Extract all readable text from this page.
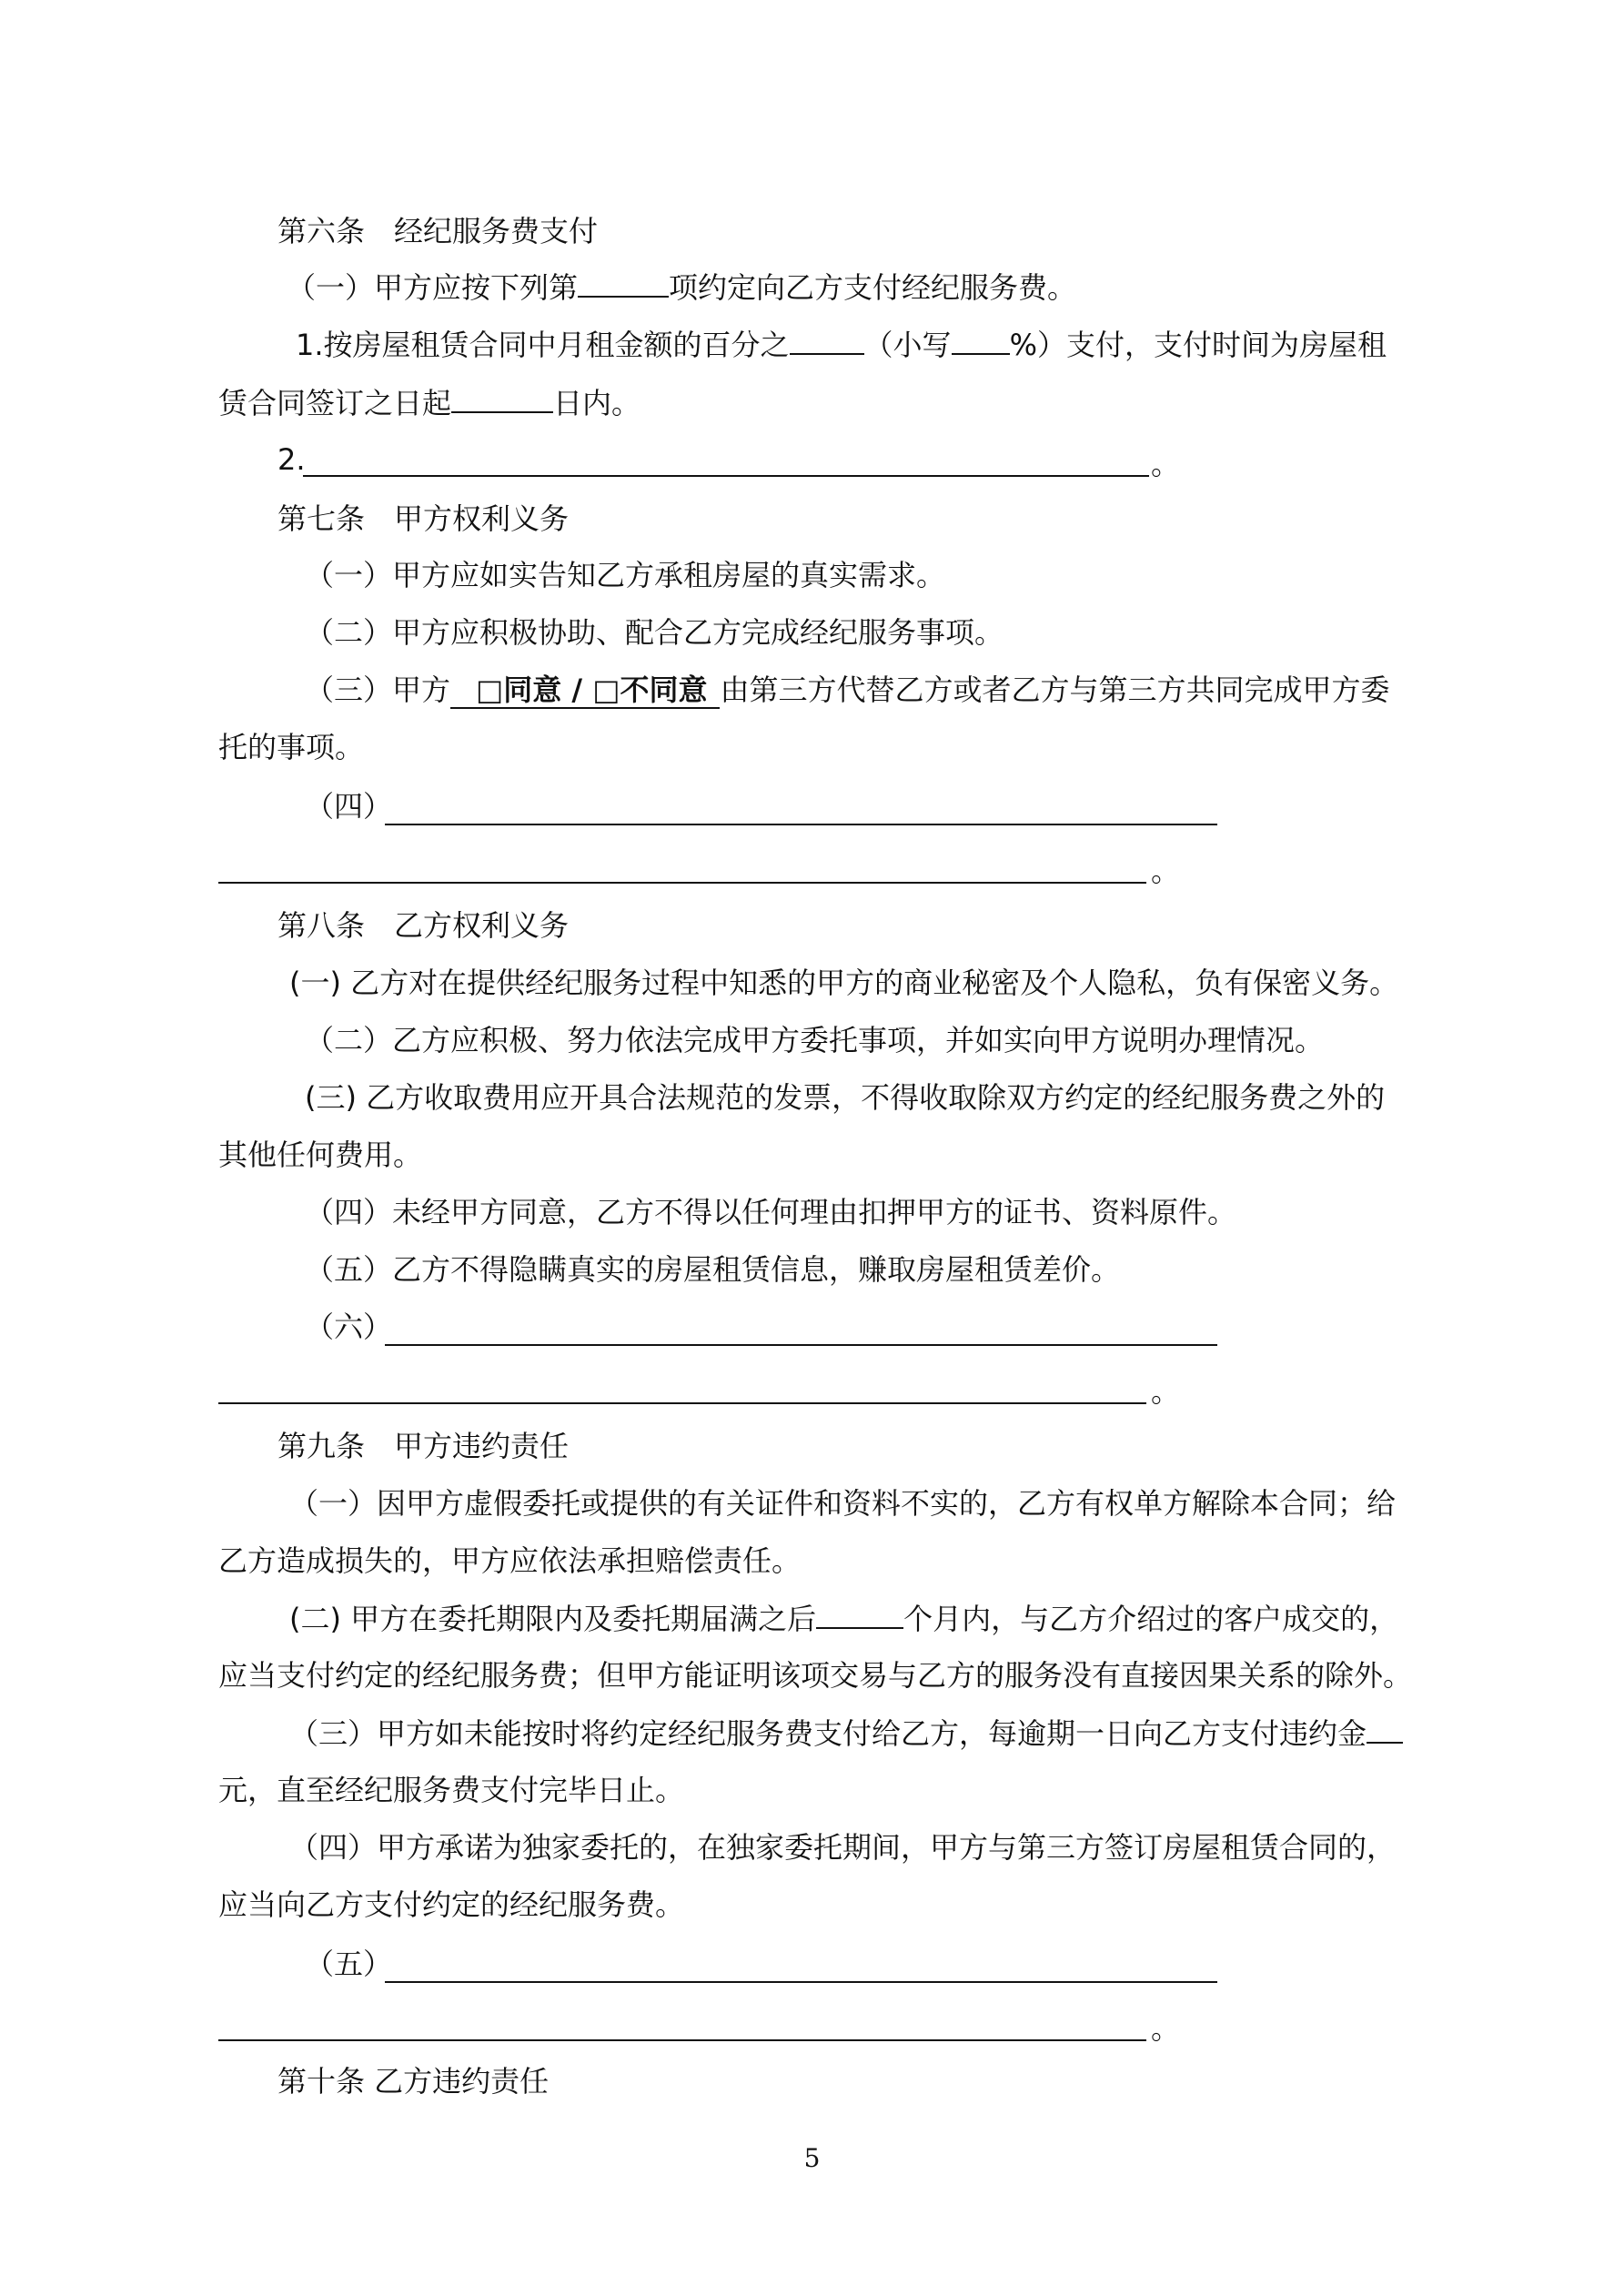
第六条　经纪服务费支付
（一）甲方应按下列第	项约定向乙方支付经纪服务费。
1.按房屋租赁合同中月租金额的百分之	（小写 %）支付，支付时间为房屋租
赁合同签订之日起	日内。
2.	。
第七条　甲方权利义务
（一）甲方应如实告知乙方承租房屋的真实需求。
（二）甲方应积极协助、配合乙方完成经纪服务事项。
（三）甲方 □同意 / □不同意 由第三方代替乙方或者乙方与第三方共同完成甲方委
托的事项。
（四）
。
第八条　乙方权利义务
(一) 乙方对在提供经纪服务过程中知悉的甲方的商业秘密及个人隐私，负有保密义务。
（二）乙方应积极、努力依法完成甲方委托事项，并如实向甲方说明办理情况。
(三) 乙方收取费用应开具合法规范的发票，不得收取除双方约定的经纪服务费之外的
其他任何费用。
（四）未经甲方同意，乙方不得以任何理由扣押甲方的证书、资料原件。
（五）乙方不得隐瞒真实的房屋租赁信息，赚取房屋租赁差价。
（六）
。
第九条　甲方违约责任
（一）因甲方虚假委托或提供的有关证件和资料不实的，乙方有权单方解除本合同；给
乙方造成损失的，甲方应依法承担赔偿责任。
(二) 甲方在委托期限内及委托期届满之后	个月内，与乙方介绍过的客户成交的，
应当支付约定的经纪服务费；但甲方能证明该项交易与乙方的服务没有直接因果关系的除外。
（三）甲方如未能按时将约定经纪服务费支付给乙方，每逾期一日向乙方支付违约金
元，直至经纪服务费支付完毕日止。
（四）甲方承诺为独家委托的，在独家委托期间，甲方与第三方签订房屋租赁合同的，
应当向乙方支付约定的经纪服务费。
（五）
。
第十条 乙方违约责任
5
